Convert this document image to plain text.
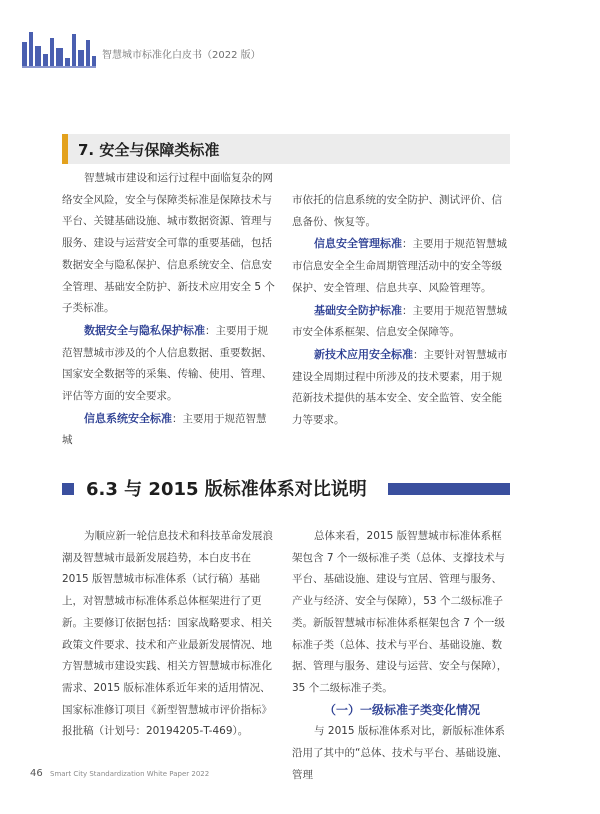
智慧城市标准化白皮书（2022 版）
7. 安全与保障类标准

智慧城市建设和运行过程中面临复杂的网络安全风险，安全与保障类标准是保障技术与平台、关键基础设施、城市数据资源、管理与服务、建设与运营安全可靠的重要基础，包括数据安全与隐私保护、信息系统安全、信息安全管理、基础安全防护、新技术应用安全 5 个子类标准。

数据安全与隐私保护标准：主要用于规范智慧城市涉及的个人信息数据、重要数据、国家安全数据等的采集、传输、使用、管理、评估等方面的安全要求。

信息系统安全标准：主要用于规范智慧城

市依托的信息系统的安全防护、测试评价、信息备份、恢复等。

信息安全管理标准：主要用于规范智慧城市信息安全全生命周期管理活动中的安全等级保护、安全管理、信息共享、风险管理等。

基础安全防护标准：主要用于规范智慧城市安全体系框架、信息安全保障等。

新技术应用安全标准：主要针对智慧城市建设全周期过程中所涉及的技术要素，用于规范新技术提供的基本安全、安全监管、安全能力等要求。

6.3 与 2015 版标准体系对比说明

为顺应新一轮信息技术和科技革命发展浪潮及智慧城市最新发展趋势，本白皮书在 2015 版智慧城市标准体系（试行稿）基础上，对智慧城市标准体系总体框架进行了更新。主要修订依据包括：国家战略要求、相关政策文件要求、技术和产业最新发展情况、地方智慧城市建设实践、相关方智慧城市标准化需求、2015 版标准体系近年来的适用情况、国家标准修订项目《新型智慧城市评价指标》报批稿（计划号：20194205-T-469）。

总体来看，2015 版智慧城市标准体系框架包含 7 个一级标准子类（总体、支撑技术与平台、基础设施、建设与宜居、管理与服务、产业与经济、安全与保障），53 个二级标准子类。新版智慧城市标准体系框架包含 7 个一级标准子类（总体、技术与平台、基础设施、数据、管理与服务、建设与运营、安全与保障），35 个二级标准子类。

（一）一级标准子类变化情况

与 2015 版标准体系对比，新版标准体系沿用了其中的“总体、技术与平台、基础设施、管理

46 Smart City Standardization White Paper 2022
